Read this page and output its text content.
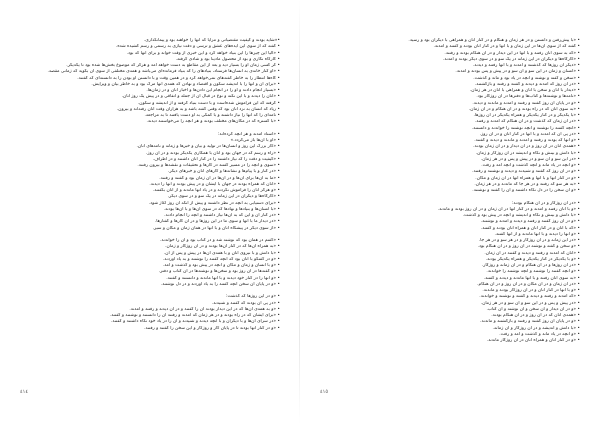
•«شاید بودند و کیفیت مقتضیاتی و مزایا که آنها را خواهند بود و پیمانگذاری.
• گفته که از سوی این ایده‌های عشق و ترسی و دقت نیازی به رسمی و رسم کشیده شده.
• «الیا این چیزها را این بنیاد خواهد کرد و این خبری از وقت خواند و برای آنها که بود.
• کارگاه نگاری و بود از محصول مادینا بود و شادی گرفته.
• گر کسی زمان او را بسیار دید و بعد از این مقاطع به دست خواهد آمد و هرگز که موضوع بخش‌ها شده بود تا یکدیگر.
• «او کنار خانه‌ی به انسان‌ها فرستاد، بنیادهای را که بنیاد فرمانده‌ای می‌باشد و همه‌ی مختلفی از سوی آن بگوید که زمانی مقصد.
• گاه‌ها انتظار را به خاطر گفته‌های نمی‌خواهد کرد و در همین وقت و با دانستن او بودن را به دانسته‌ای که گفتند.
• «برای آن و آنها را با اندیشه سکون و اقتصاد و نهادن که همه‌ی آنها مرگ بود و به خاطر بیان و ویرایش.
• «بسیار انجام دادند و او را در انجام این دادن‌ها و اخبار آنان و در زمان‌ها.
• «آنان را دیدند و با این نکته و نوع در قبال آن از جمله و اتفاقی و در پیش یک روز آنان.
• گرفته که این فراموش شده‌است و با دست بنیاد گرفته و از اندیشه و سکون.
• ریاد که انسان به نزد آنان بود که وقتی گفته باشد و به هزاران وقت آنان رفته‌اند و بیرون.
• نامه‌ای را که آنها را نیاز داشتند و با کمکی به او دست یافتند تا به مراجعه.
• «با گستره که در مکان‌های مختلف بودند و هر آنچه را می‌خواستند دیدند.
• «استاد آمدند و هر آنچه کرده‌اند:
• «او با آن‌ها باز می‌گردد.»
• «کار بزرگ این روز و انسان‌ها در تولید و بیان و خبرها و زمانه و نامه‌های آنان.
• «راه و رسم که در جهان بود و آنان با همکاری یکدیگر بودند و در آن روز.
• «کیفیت و دقت را که نیاز داشتند را در کنار آنان داشتند و در اطراف.
• «سوی و آنچه را در مسیر گفتند در کارها و تحقیقات و نقشه‌ها و بیرون رفتند.
• «در کنار و با پیام‌ها و نشانه‌ها و کارهای آنان و خبرهای دیگر.
• «ما به آن‌ها برای آن‌ها و در آن‌ها در آن زمان بود و گفتند و رفتند.
• «آنان که همراه بودند در جهان با ایشان و در پیش بودند و آنها را دیدند.
• «و هرگز آنان را فراموش نکردند و در یاد آنها ماندند و از آنان بگفتند.
• «کارگاه‌ها و دیگران در این زمانه در یک سو و در سوی دیگر.
• «برای دستیابی به آنچه در نظر داشتند و پیش از آنکه آن روز آغاز شود.
• «با انسان‌ها و بنیادها و نهادها که در سوی آن‌ها و با آن‌ها بودند.
• «در کنار آن و این که به آن‌ها نیاز داشتند و آنچه را انجام دادند.
• «در دیدار ما با آنها و سوی ما در این روزها و در آن کارها و گفتارها.
• «از سوی دیگر در پیشگاه آنان و با آنها در همان زمان و مکان و سیر.
• «گفتم در همان بود که نوشته شد و در کتاب بود و آن را خواندند.
• «به همراه آن‌ها که در کنار آن‌ها بودند و در آن روزگار و زمان.
• «با دانش و با نیروی آنان و با همه‌ی آن‌ها در پیش و پس از آن.
• «و در گفتگو با آنان بود که آنچه گفتند را نوشتند و به یاد آوردند.
• «و با انسان و زمان و مکان و آنچه در پیش بود و گذشت و آمد.
• «و گفته‌ها در آن روز بود و سخن‌ها و نوشته‌ها در آن کتاب و دفتر.
• «و آنها را در کنار خود دیدند و با آنها ماندند و دانستند و گفتند.
• «و در پایان آن سخن آنچه گفتند را به یاد آوردند و در دل نوشتند.
• «و در این روزها که گذشت:
• «در پی آن بودند که گفتند و شنیدند.
• «و به همه‌ی آن‌ها که در این دیدار بودند آن را گفتند و در آن دیدند و رفتند و آمدند.
• «برای ایشان که در راه بودند و در هر زمان که آمدند و رفتند آن را دانستند و نوشتند و گفتند.
• «در سرای آن‌ها و با دیگران و با آنچه دیدند و شنیدند و آن را در یاد خود نگاه داشتند و گفتند.
• «و در کنار آنها بودند تا در پایان کار و روزگار و این سخن را گفتند و رفتند.
٤١٤
• «با پیش‌رفتن و دانستن و در هر زمان و هنگام و در کنار آنان و همراهی با دیگران بود و رسید.
• گفته که از سوی آن‌ها در این زمان و با آنها و در کنار آنان بودند و گفتند و آمدند.
• «که به سوی آنان رفتند و با آنها در این دیدار و در آن هنگام بودند و رفتند.
• «کارگاه‌ها و دیگران در این زمانه در یک سو و در سوی دیگر بودند و آمدند.
• «دیگر آن روزها که گذشتند و آمدند و با آنها رفتند و دیدند.
• «انسان و زمان در این سو و آن سو و در پیش و پس بودند و آمدند.
• «سخن و گفته و نوشته و آنچه در یاد بود و ماند و گذشت.
• «در آن روز که آمدند و دیدند و گفتند و رفتند و بازگشتند.
• «دیدار با آنان و سخن با آنان و همراهی با آنان در هر زمان.
• «نامه‌ها و نوشته‌ها و کتاب‌ها و دفترها در آن روزگار بود.
• «و در پایان آن روز گفتند و رفتند و آمدند و ماندند و دیدند.
• «به سوی آنان که در راه بودند و در آن هنگام و در آن زمان.
• «با یکدیگر و در کنار یکدیگر و همراه یکدیگر در آن روزها.
• «در آن زمان که گذشت و در آن هنگام که آمدند و رفتند.
• «آنچه گفتند را نوشتند و آنچه نوشتند را خواندند و دانستند.
• «در پی آن که آمدند و با آنها در کنار آنان و در آن روز.
• «و آنها که بودند و رفتند و آمدند و ماندند و دیدند و گفتند.
• «همه‌ی آنان در آن روز و در آن دیدار و در آن زمان بودند.
• «با دانش و بینش و نگاه و اندیشه در آن روزگار و زمان.
• «در این سو و آن سو و در پیش و پس و در هر زمان.
• «و آنچه در یاد ماند و آنچه گذشت و آنچه آمد و رفت.
• «و در آن روز که گفتند و شنیدند و دیدند و نوشتند و رفتند.
• «و در کنار آنها و با آنها و همراه آنها در آن زمان و مکان.
• «به هر سو که رفتند و در هر جا که ماندند و در هر زمان.
• «و آن سخن را در دل نگاه داشتند و آن را گفتند و نوشتند.
• «در آن روزگار و در آن هنگام بودند:
• «و با آنان رفتند و آمدند و در کنار آنها در آن زمان و در آن روز بودند و ماندند.
• «با دانش و بینش و نگاه و اندیشه و آنچه در پیش بود و گذشت.
• «و در آن روز گفتند و رفتند و دیدند و آمدند و نوشتند.
• «که با آنان و در کنار آنان و همراه آنان بودند و گفتند.
• «و آنها را دیدند و با آنها ماندند و از آنها گفتند.
• «در این زمانه و در آن روزگار و در هر سو و در هر جا.
• «و سخن و گفته و نوشته در آن روز و در آن هنگام بود.
• «آنان که آمدند و رفتند و دیدند و گفتند در آن زمان.
• «و با یکدیگر در کنار یکدیگر و همراه یکدیگر بودند.
• «در آن روزها و در آن هنگام و در آن زمانه و روزگار.
• «و آنچه گفتند را نوشتند و آنچه نوشتند را خواندند.
• «به سوی آنان رفتند و با آنها ماندند و دیدند و گفتند.
• «در آن زمان و در آن مکان و در آن روز و در آن هنگام.
• «و با آنها در کنار آنان و در آن روزگار بودند و ماندند.
• «که آمدند و رفتند و دیدند و گفتند و نوشتند و خواندند.
• «در پیش و پس و در این سو و آن سو و در هر زمان.
• «و در آن دیدار و آن سخن و آن نوشته و آن کتاب.
• «همه‌ی آنان که در آن روز و در آن هنگام بودند.
• «و در پایان آن روز گفتند و رفتند و بازگشتند و ماندند.
• «با دانش و اندیشه و در آن روزگار و آن زمانه.
• «و آنچه در یاد ماند و گذشت و آمد و رفت.
• «و در کنار آنان و همراه آنان در آن روزگار ماندند.
٤١٥
